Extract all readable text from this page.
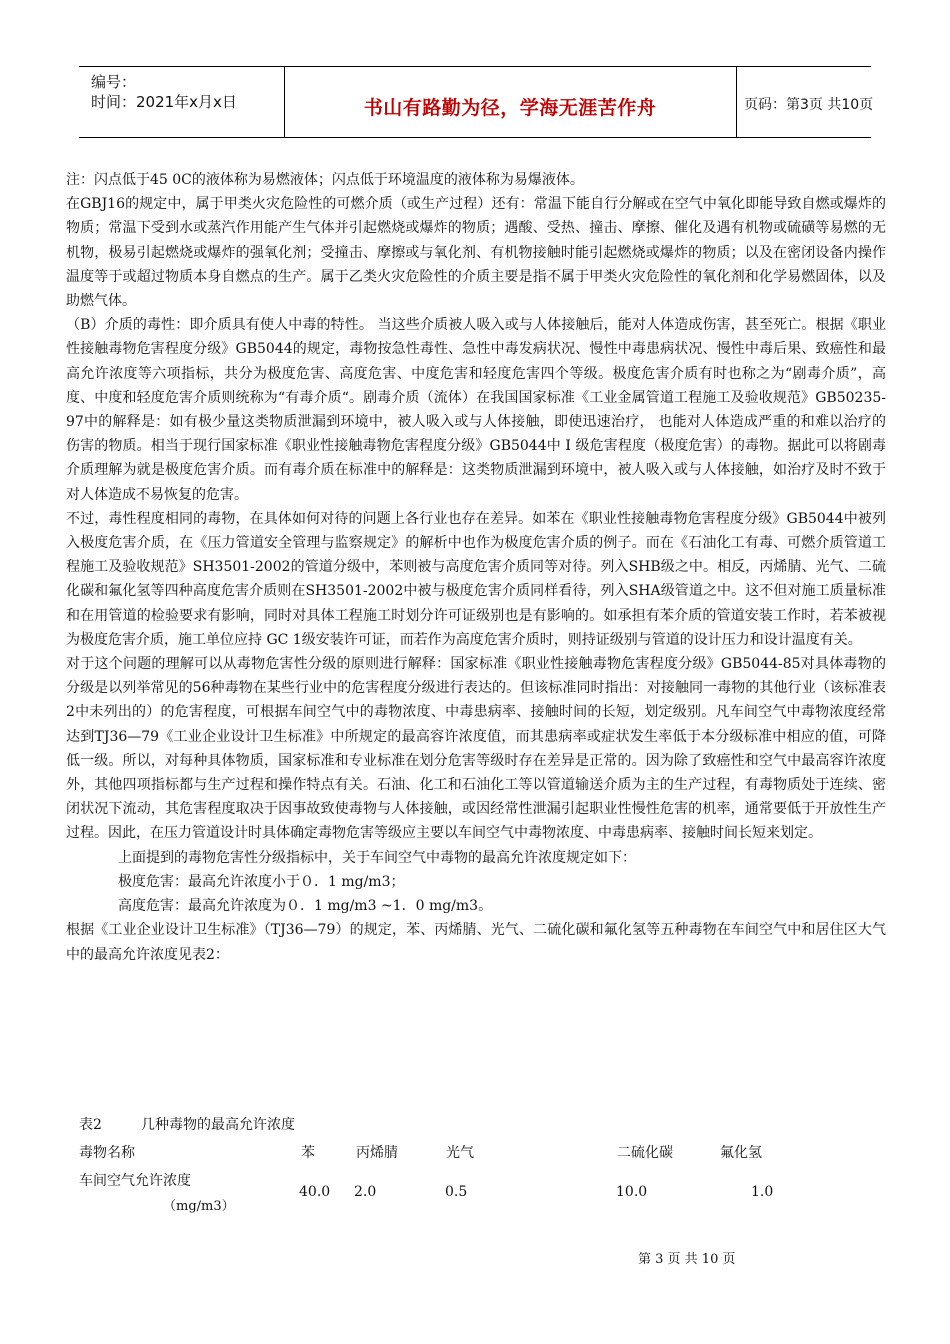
编号：
时间：2021年x月x日	书山有路勤为径，学海无涯苦作舟	页码：第3页 共10页

注：闪点低于45 0C的液体称为易燃液体；闪点低于环境温度的液体称为易爆液体。

在GBJ16的规定中，属于甲类火灾危险性的可燃介质（或生产过程）还有：常温下能自行分解或在空气中氧化即能导致自燃或爆炸的物质；常温下受到水或蒸汽作用能产生气体并引起燃烧或爆炸的物质；遇酸、受热、撞击、摩擦、催化及遇有机物或硫磺等易燃的无机物，极易引起燃烧或爆炸的强氧化剂；受撞击、摩擦或与氧化剂、有机物接触时能引起燃烧或爆炸的物质；以及在密闭设备内操作温度等于或超过物质本身自燃点的生产。属于乙类火灾危险性的介质主要是指不属于甲类火灾危险性的氧化剂和化学易燃固体，以及助燃气体。

（B）介质的毒性：即介质具有使人中毒的特性。 当这些介质被人吸入或与人体接触后，能对人体造成伤害，甚至死亡。根据《职业性接触毒物危害程度分级》GB5044的规定，毒物按急性毒性、急性中毒发病状况、慢性中毒患病状况、慢性中毒后果、致癌性和最高允许浓度等六项指标，共分为极度危害、高度危害、中度危害和轻度危害四个等级。极度危害介质有时也称之为“剧毒介质”，高度、中度和轻度危害介质则统称为“有毒介质“。剧毒介质（流体）在我国国家标准《工业金属管道工程施工及验收规范》GB50235-97中的解释是：如有极少量这类物质泄漏到环境中，被人吸入或与人体接触，即使迅速治疗， 也能对人体造成严重的和难以治疗的伤害的物质。相当于现行国家标准《职业性接触毒物危害程度分级》GB5044中 I 级危害程度（极度危害）的毒物。据此可以将剧毒介质理解为就是极度危害介质。而有毒介质在标准中的解释是：这类物质泄漏到环境中，被人吸入或与人体接触，如治疗及时不致于对人体造成不易恢复的危害。

不过，毒性程度相同的毒物，在具体如何对待的问题上各行业也存在差异。如苯在《职业性接触毒物危害程度分级》GB5044中被列入极度危害介质，在《压力管道安全管理与监察规定》的解析中也作为极度危害介质的例子。而在《石油化工有毒、可燃介质管道工程施工及验收规范》SH3501-2002的管道分级中，苯则被与高度危害介质同等对待。列入SHB级之中。相反，丙烯腈、光气、二硫化碳和氟化氢等四种高度危害介质则在SH3501-2002中被与极度危害介质同样看待，列入SHA级管道之中。这不但对施工质量标准和在用管道的检验要求有影响，同时对具体工程施工时划分许可证级别也是有影响的。如承担有苯介质的管道安装工作时，若苯被视为极度危害介质，施工单位应持 GC 1级安装许可证，而若作为高度危害介质时，则持证级别与管道的设计压力和设计温度有关。

对于这个问题的理解可以从毒物危害性分级的原则进行解释：国家标准《职业性接触毒物危害程度分级》GB5044-85对具体毒物的分级是以列举常见的56种毒物在某些行业中的危害程度分级进行表达的。但该标准同时指出：对接触同一毒物的其他行业（该标准表2中未列出的）的危害程度，可根据车间空气中的毒物浓度、中毒患病率、接触时间的长短，划定级别。凡车间空气中毒物浓度经常达到TJ36—79《工业企业设计卫生标准》中所规定的最高容许浓度值，而其患病率或症状发生率低于本分级标准中相应的值，可降低一级。所以，对每种具体物质，国家标准和专业标准在划分危害等级时存在差异是正常的。因为除了致癌性和空气中最高容许浓度外，其他四项指标都与生产过程和操作特点有关。石油、化工和石油化工等以管道输送介质为主的生产过程，有毒物质处于连续、密闭状况下流动，其危害程度取决于因事故致使毒物与人体接触，或因经常性泄漏引起职业性慢性危害的机率，通常要低于开放性生产过程。因此，在压力管道设计时具体确定毒物危害等级应主要以车间空气中毒物浓度、中毒患病率、接触时间长短来划定。

上面提到的毒物危害性分级指标中，关于车间空气中毒物的最高允许浓度规定如下：

极度危害：最高允许浓度小于０．1 mg/m3；

高度危害：最高允许浓度为０．1 mg/m3 ~1．0 mg/m3。

根据《工业企业设计卫生标准》（TJ36—79）的规定，苯、丙烯腈、光气、二硫化碳和氟化氢等五种毒物在车间空气中和居住区大气中的最高允许浓度见表2：

表2	几种毒物的最高允许浓度
毒物名称	苯	丙烯腈	光气	二硫化碳	氟化氢
车间空气允许浓度
（mg/m3）
40.0 2.0	0.5	10.0	1.0
第 3 页 共 10 页
